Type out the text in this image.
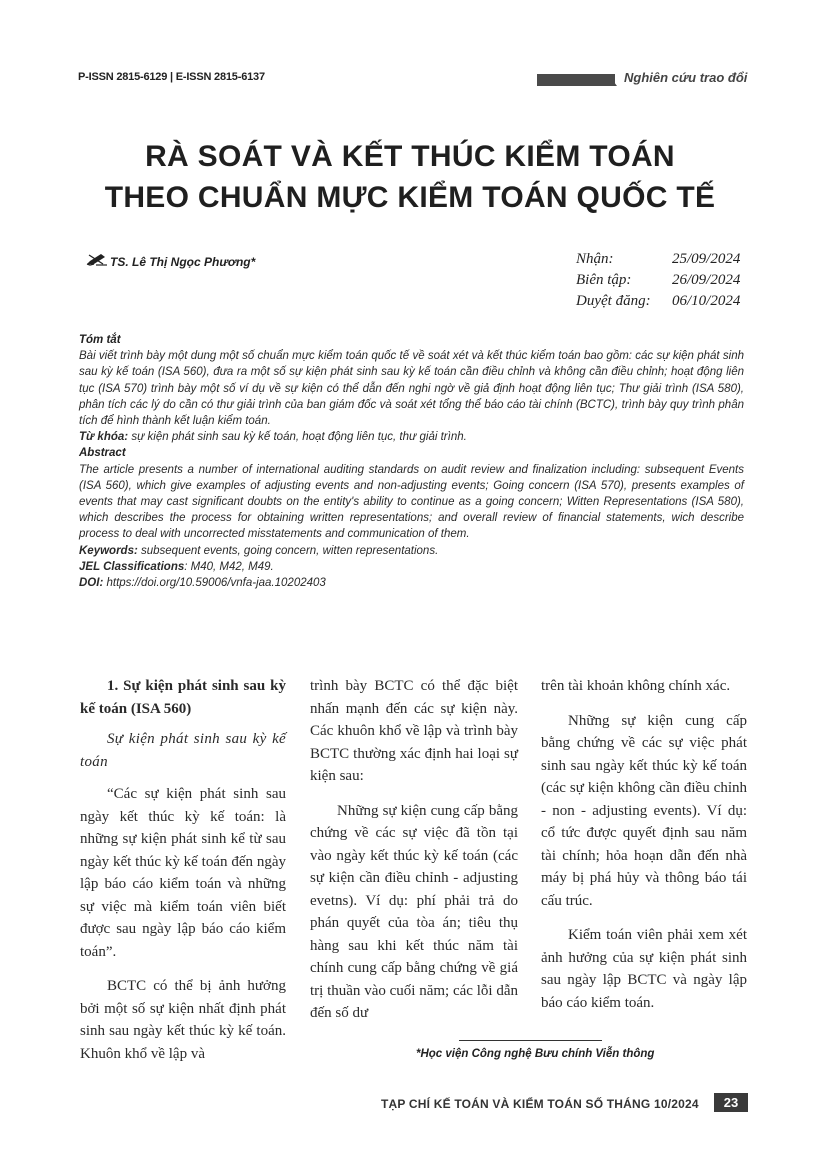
P-ISSN 2815-6129 | E-ISSN 2815-6137	Nghiên cứu trao đổi
RÀ SOÁT VÀ KẾT THÚC KIỂM TOÁN
THEO CHUẨN MỰC KIỂM TOÁN QUỐC TẾ
TS. Lê Thị Ngọc Phương*	Nhận:	25/09/2024
Biên tập:	26/09/2024
Duyệt đăng:	06/10/2024
Tóm tắt

Bài viết trình bày một dung một số chuẩn mực kiểm toán quốc tế về soát xét và kết thúc kiểm toán bao gồm: các sự kiện phát sinh sau kỳ kế toán (ISA 560), đưa ra một số sự kiện phát sinh sau kỳ kế toán cần điều chỉnh và không cần điều chỉnh; hoạt động liên tục (ISA 570) trình bày một số ví dụ về sự kiện có thể dẫn đến nghi ngờ về giả định hoạt động liên tục; Thư giải trình (ISA 580), phân tích các lý do cần có thư giải trình của ban giám đốc và soát xét tổng thể báo cáo tài chính (BCTC), trình bày quy trình phân tích để hình thành kết luận kiểm toán.

Từ khóa: sự kiện phát sinh sau kỳ kế toán, hoạt động liên tục, thư giải trình.
Abstract

The article presents a number of international auditing standards on audit review and finalization including: subsequent Events (ISA 560), which give examples of adjusting events and non-adjusting events; Going concern (ISA 570), presents examples of events that may cast significant doubts on the entity's ability to continue as a going concern; Witten Representations (ISA 580), which describes the process for obtaining written representations; and overall review of financial statements, wich describe process to deal with uncorrected misstatements and communication of them.

Keywords: subsequent events, going concern, witten representations.
JEL Classifications: M40, M42, M49.
DOI: https://doi.org/10.59006/vnfa-jaa.10202403
1. Sự kiện phát sinh sau kỳ kế toán (ISA 560)
Sự kiện phát sinh sau kỳ kế toán

“Các sự kiện phát sinh sau ngày kết thúc kỳ kế toán: là những sự kiện phát sinh kể từ sau ngày kết thúc kỳ kế toán đến ngày lập báo cáo kiểm toán và những sự việc mà kiểm toán viên biết được sau ngày lập báo cáo kiểm toán”.

BCTC có thể bị ảnh hưởng bởi một số sự kiện nhất định phát sinh sau ngày kết thúc kỳ kế toán. Khuôn khổ về lập và

trình bày BCTC có thể đặc biệt nhấn mạnh đến các sự kiện này. Các khuôn khổ về lập và trình bày BCTC thường xác định hai loại sự kiện sau:

Những sự kiện cung cấp bằng chứng về các sự việc đã tồn tại vào ngày kết thúc kỳ kế toán (các sự kiện cần điều chỉnh - adjusting evetns). Ví dụ: phí phải trả do phán quyết của tòa án; tiêu thụ hàng sau khi kết thúc năm tài chính cung cấp bằng chứng về giá trị thuần vào cuối năm; các lỗi dẫn đến số dư

trên tài khoản không chính xác.

Những sự kiện cung cấp bằng chứng về các sự việc phát sinh sau ngày kết thúc kỳ kế toán (các sự kiện không cần điều chỉnh - non - adjusting events). Ví dụ: cổ tức được quyết định sau năm tài chính; hỏa hoạn dẫn đến nhà máy bị phá hủy và thông báo tái cấu trúc.

Kiểm toán viên phải xem xét ảnh hưởng của sự kiện phát sinh sau ngày lập BCTC và ngày lập báo cáo kiểm toán.

*Học viện Công nghệ Bưu chính Viễn thông
TẠP CHÍ KẾ TOÁN VÀ KIỂM TOÁN SỐ THÁNG 10/2024	23
